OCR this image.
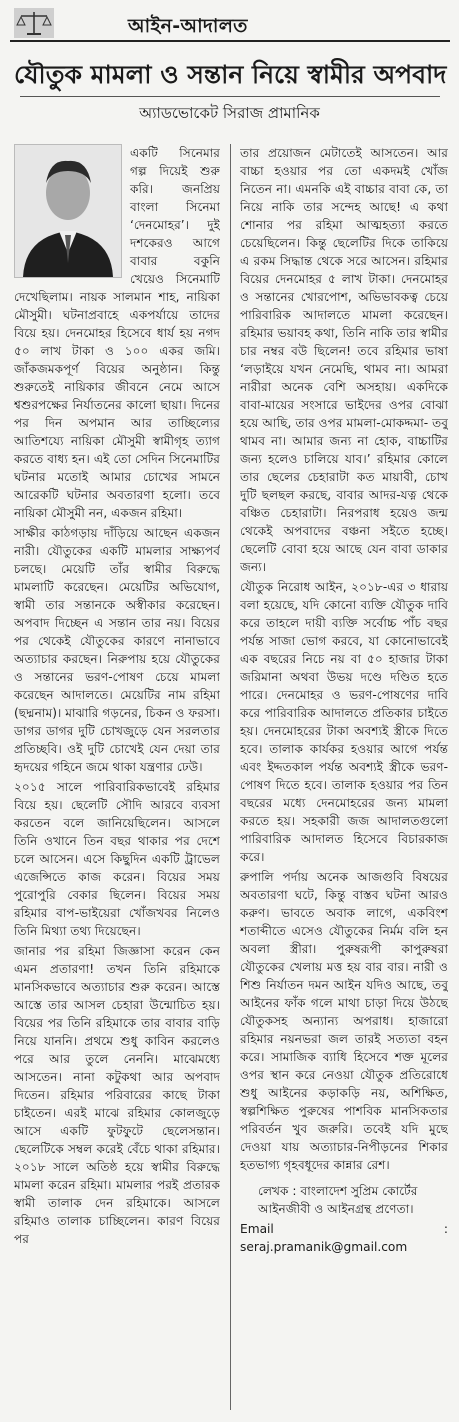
আইন-আদালত
যৌতুক মামলা ও সন্তান নিয়ে স্বামীর অপবাদ
অ্যাডভোকেট সিরাজ প্রামানিক

একটি সিনেমার গল্প দিয়েই শুরু করি। জনপ্রিয় বাংলা সিনেমা ‘দেনমোহর’। দুই দশকেরও আগে বাবার বকুনি খেয়েও সিনেমাটি দেখেছিলাম। নায়ক সালমান শাহ, নায়িকা মৌসুমী। ঘটনাপ্রবাহে একপর্যায়ে তাদের বিয়ে হয়। দেনমোহর হিসেবে ধার্য হয় নগদ ৫০ লাখ টাকা ও ১০০ একর জমি। জাঁকজমকপূর্ণ বিয়ের অনুষ্ঠান। কিন্তু শুরুতেই নায়িকার জীবনে নেমে আসে শ্বশুরপক্ষের নির্যাতনের কালো ছায়া। দিনের পর দিন অপমান আর তাচ্ছিল্যের আতিশয্যে নায়িকা মৌসুমী স্বামীগৃহ ত্যাগ করতে বাধ্য হন। এই তো সেদিন সিনেমাটির ঘটনার মতোই আমার চোখের সামনে আরেকটি ঘটনার অবতারণা হলো। তবে নায়িকা মৌসুমী নন, একজন রহিমা।

সাক্ষীর কাঠগড়ায় দাঁড়িয়ে আছেন একজন নারী। যৌতুকের একটি মামলার সাক্ষ্যপর্ব চলছে। মেয়েটি তাঁর স্বামীর বিরুদ্ধে মামলাটি করেছেন। মেয়েটির অভিযোগ, স্বামী তার সন্তানকে অস্বীকার করেছেন। অপবাদ দিচ্ছেন এ সন্তান তার নয়। বিয়ের পর থেকেই যৌতুকের কারণে নানাভাবে অত্যাচার করছেন। নিরুপায় হয়ে যৌতুকের ও সন্তানের ভরণ-পোষণ চেয়ে মামলা করেছেন আদালতে। মেয়েটির নাম রহিমা (ছদ্মনাম)। মাঝারি গড়নের, চিকন ও ফরসা। ডাগর ডাগর দুটি চোখজুড়ে যেন সরলতার প্রতিচ্ছবি। ওই দুটি চোখেই যেন দেয়া তার হৃদয়ের গহিনে জমে থাকা যন্ত্রণার ঢেউ।

২০১৫ সালে পারিবারিকভাবেই রহিমার বিয়ে হয়। ছেলেটি সৌদি আরবে ব্যবসা করতেন বলে জানিয়েছিলেন। আসলে তিনি ওখানে তিন বছর থাকার পর দেশে চলে আসেন। এসে কিছুদিন একটি ট্রাভেল এজেন্সিতে কাজ করেন। বিয়ের সময় পুরোপুরি বেকার ছিলেন। বিয়ের সময় রহিমার বাপ-ভাইয়েরা খোঁজখবর নিলেও তিনি মিথ্যা তথ্য দিয়েছেন।

জানার পর রহিমা জিজ্ঞাসা করেন কেন এমন প্রতারণা! তখন তিনি রহিমাকে মানসিকভাবে অত্যাচার শুরু করেন। আস্তে আস্তে তার আসল চেহারা উন্মোচিত হয়। বিয়ের পর তিনি রহিমাকে তার বাবার বাড়ি নিয়ে যাননি। প্রথমে শুধু কাবিন করলেও পরে আর তুলে নেননি। মাঝেমধ্যে আসতেন। নানা কটুকথা আর অপবাদ দিতেন। রহিমার পরিবারের কাছে টাকা চাইতেন। এরই মাঝে রহিমার কোলজুড়ে আসে একটি ফুটফুটে ছেলেসন্তান। ছেলেটিকে সম্বল করেই বেঁচে থাকা রহিমার। ২০১৮ সালে অতিষ্ঠ হয়ে স্বামীর বিরুদ্ধে মামলা করেন রহিমা। মামলার পরই প্রতারক স্বামী তালাক দেন রহিমাকে। আসলে রহিমাও তালাক চাচ্ছিলেন। কারণ বিয়ের পর

তার প্রয়োজন মেটাতেই আসতেন। আর বাচ্চা হওয়ার পর তো একদমই খোঁজ নিতেন না। এমনকি এই বাচ্চার বাবা কে, তা নিয়ে নাকি তার সন্দেহ আছে! এ কথা শোনার পর রহিমা আত্মহত্যা করতে চেয়েছিলেন। কিন্তু ছেলেটির দিকে তাকিয়ে এ রকম সিদ্ধান্ত থেকে সরে আসেন। রহিমার বিয়ের দেনমোহর ৫ লাখ টাকা। দেনমোহর ও সন্তানের খোরপোশ, অভিভাবকত্ব চেয়ে পারিবারিক আদালতে মামলা করেছেন। রহিমার ভয়াবহ কথা, তিনি নাকি তার স্বামীর চার নম্বর বউ ছিলেন! তবে রহিমার ভাষা ‘লড়াইয়ে যখন নেমেছি, থামব না। আমরা নারীরা অনেক বেশি অসহায়। একদিকে বাবা-মায়ের সংসারে ভাইদের ওপর বোঝা হয়ে আছি, তার ওপর মামলা-মোকদ্দমা- তবু থামব না। আমার জন্য না হোক, বাচ্চাটির জন্য হলেও চালিয়ে যাব।’ রহিমার কোলে তার ছেলের চেহারাটা কত মায়াবী, চোখ দুটি ছলছল করছে, বাবার আদর-যত্ন থেকে বঞ্চিত চেহারাটা। নিরপরাধ হয়েও জন্ম থেকেই অপবাদের বঞ্চনা সইতে হচ্ছে। ছেলেটি বোবা হয়ে আছে যেন বাবা ডাকার জন্য।

যৌতুক নিরোধ আইন, ২০১৮-এর ৩ ধারায় বলা হয়েছে, যদি কোনো ব্যক্তি যৌতুক দাবি করে তাহলে দায়ী ব্যক্তি সর্বোচ্চ পাঁচ বছর পর্যন্ত সাজা ভোগ করবে, যা কোনোভাবেই এক বছরের নিচে নয় বা ৫০ হাজার টাকা জরিমানা অথবা উভয় দণ্ডে দণ্ডিত হতে পারে। দেনমোহর ও ভরণ-পোষণের দাবি করে পারিবারিক আদালতে প্রতিকার চাইতে হয়। দেনমোহরের টাকা অবশ্যই স্ত্রীকে দিতে হবে। তালাক কার্যকর হওয়ার আগে পর্যন্ত এবং ইদ্দতকাল পর্যন্ত অবশ্যই স্ত্রীকে ভরণ-পোষণ দিতে হবে। তালাক হওয়ার পর তিন বছরের মধ্যে দেনমোহরের জন্য মামলা করতে হয়। সহকারী জজ আদালতগুলো পারিবারিক আদালত হিসেবে বিচারকাজ করে।

রুপালি পর্দায় অনেক আজগুবি বিষয়ের অবতারণা ঘটে, কিন্তু বাস্তব ঘটনা আরও করুণ। ভাবতে অবাক লাগে, একবিংশ শতাব্দীতে এসেও যৌতুকের নির্মম বলি হন অবলা স্ত্রীরা। পুরুষরূপী কাপুরুষরা যৌতুকের খেলায় মত্ত হয় বার বার। নারী ও শিশু নির্যাতন দমন আইন যদিও আছে, তবু আইনের ফাঁক গলে মাথা চাড়া দিয়ে উঠছে যৌতুকসহ অন্যান্য অপরাধ। হাজারো রহিমার নয়নভরা জল তারই সত্যতা বহন করে। সামাজিক ব্যাধি হিসেবে শক্ত মূলের ওপর স্থান করে নেওয়া যৌতুক প্রতিরোধে শুধু আইনের কড়াকড়ি নয়, অশিক্ষিত, স্বল্পশিক্ষিত পুরুষের পাশবিক মানসিকতার পরিবর্তন খুব জরুরি। তবেই যদি মুছে দেওয়া যায় অত্যাচার-নিপীড়নের শিকার হতভাগ্য গৃহবধূদের কান্নার রেশ।

লেখক : বাংলাদেশ সুপ্রিম কোর্টের
আইনজীবী ও আইনগ্রন্থ প্রণেতা।
Email : seraj.pramanik@gmail.com
